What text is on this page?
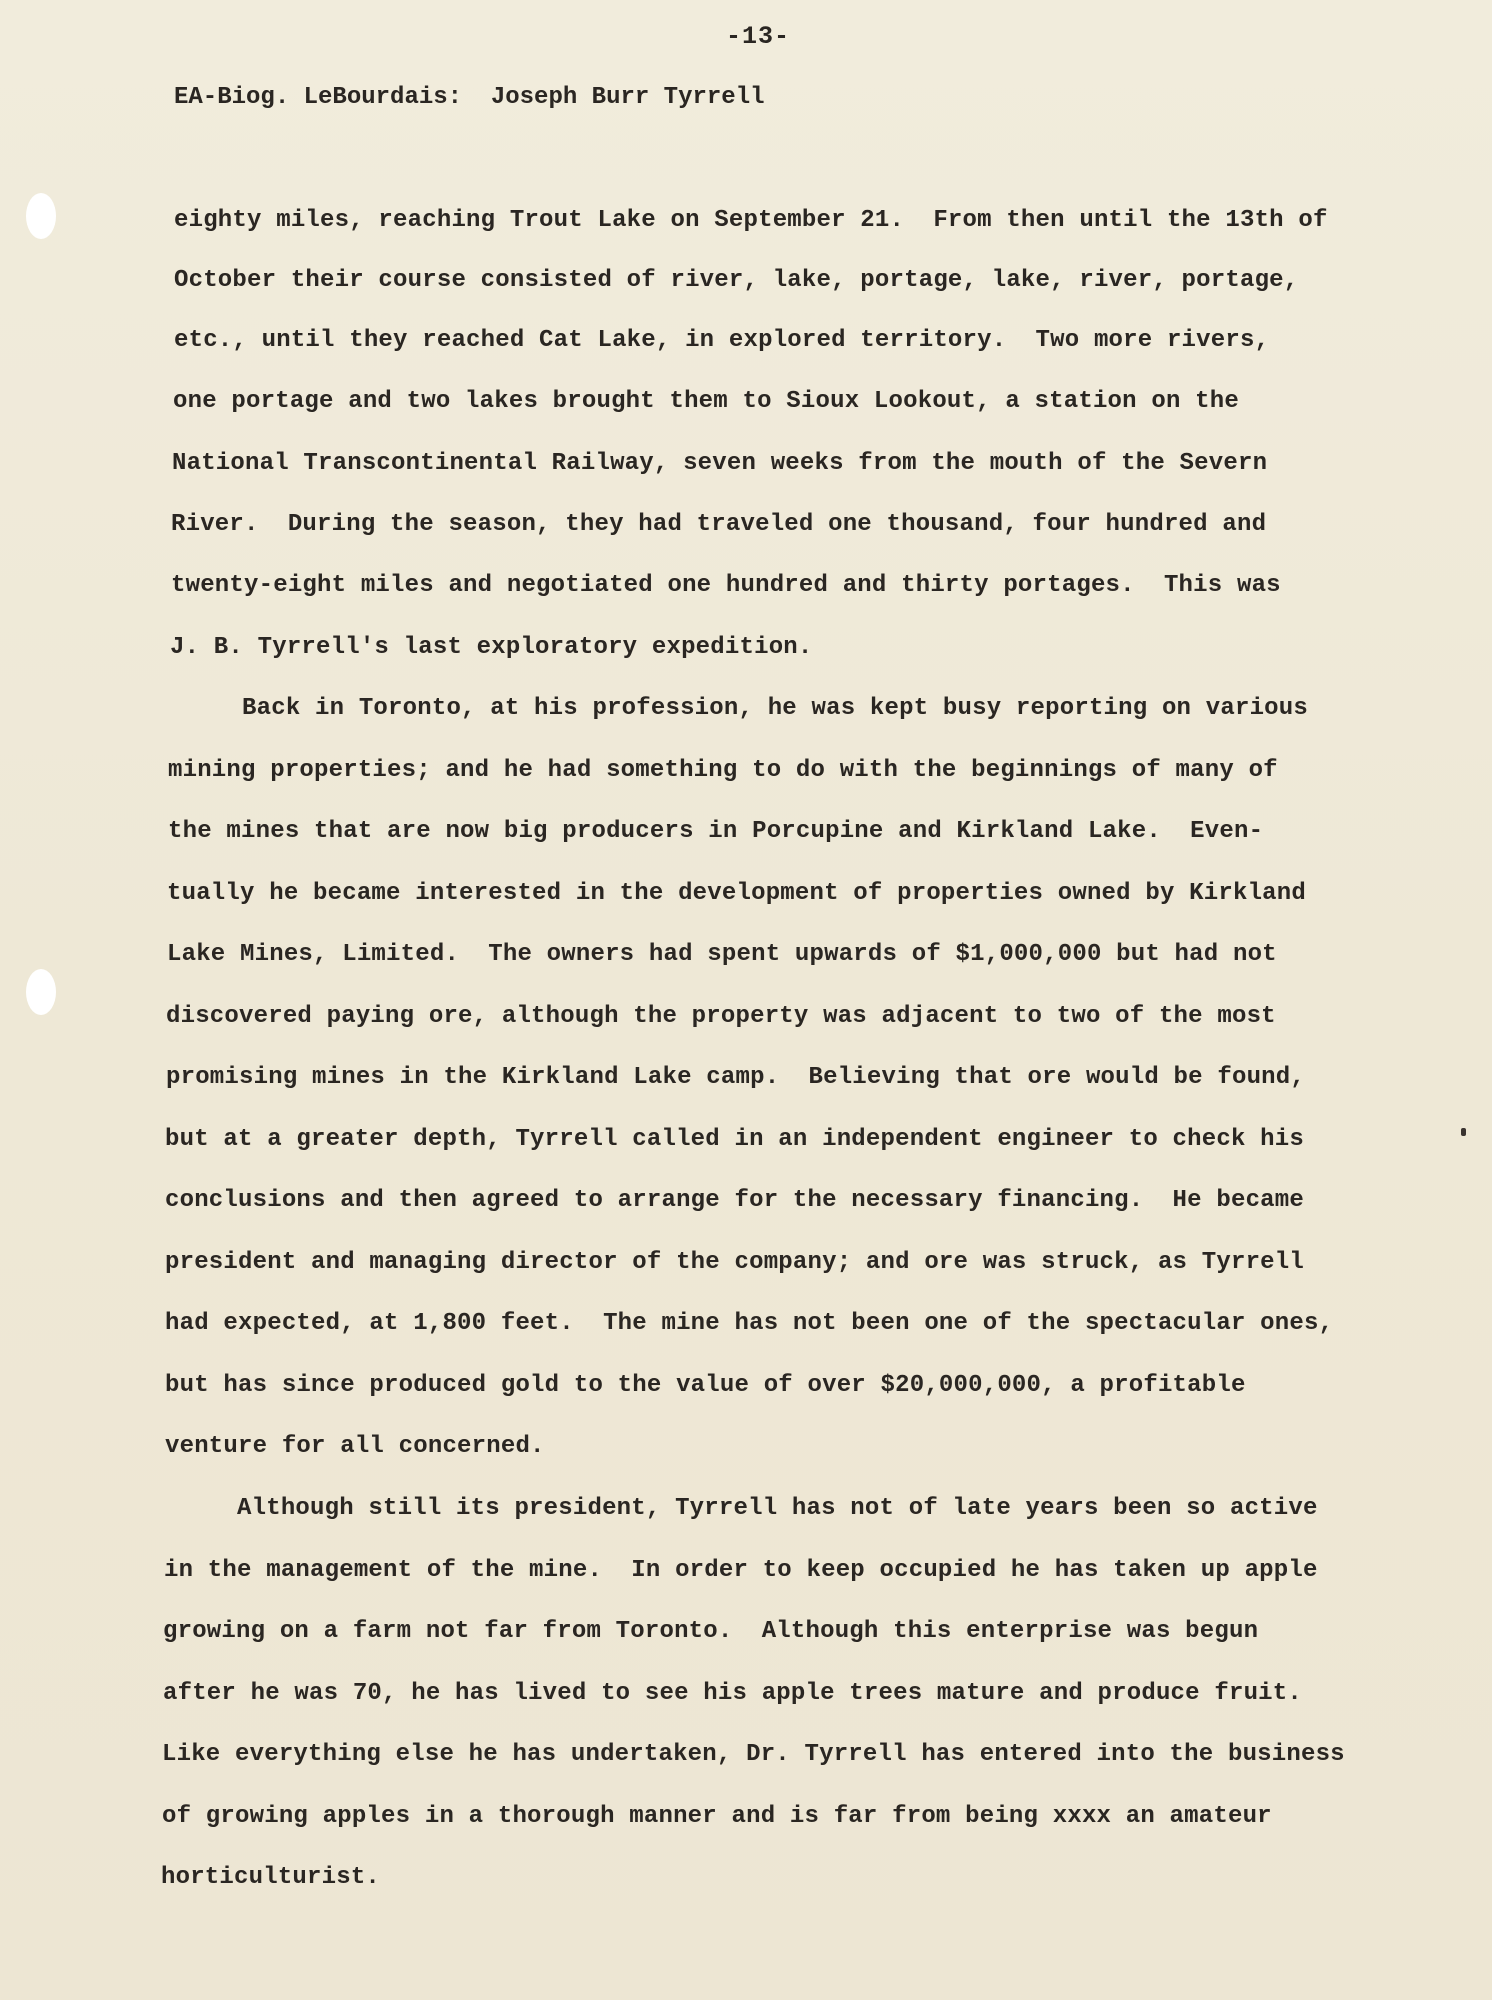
-13-
EA-Biog. LeBourdais:  Joseph Burr Tyrrell
eighty miles, reaching Trout Lake on September 21.  From then until the 13th of
October their course consisted of river, lake, portage, lake, river, portage,
etc., until they reached Cat Lake, in explored territory.  Two more rivers,
one portage and two lakes brought them to Sioux Lookout, a station on the
National Transcontinental Railway, seven weeks from the mouth of the Severn
River.  During the season, they had traveled one thousand, four hundred and
twenty-eight miles and negotiated one hundred and thirty portages.  This was
J. B. Tyrrell's last exploratory expedition.
Back in Toronto, at his profession, he was kept busy reporting on various
mining properties; and he had something to do with the beginnings of many of
the mines that are now big producers in Porcupine and Kirkland Lake.  Even-
tually he became interested in the development of properties owned by Kirkland
Lake Mines, Limited.  The owners had spent upwards of $1,000,000 but had not
discovered paying ore, although the property was adjacent to two of the most
promising mines in the Kirkland Lake camp.  Believing that ore would be found,
but at a greater depth, Tyrrell called in an independent engineer to check his
conclusions and then agreed to arrange for the necessary financing.  He became
president and managing director of the company; and ore was struck, as Tyrrell
had expected, at 1,800 feet.  The mine has not been one of the spectacular ones,
but has since produced gold to the value of over $20,000,000, a profitable
venture for all concerned.
Although still its president, Tyrrell has not of late years been so active
in the management of the mine.  In order to keep occupied he has taken up apple
growing on a farm not far from Toronto.  Although this enterprise was begun
after he was 70, he has lived to see his apple trees mature and produce fruit.
Like everything else he has undertaken, Dr. Tyrrell has entered into the business
of growing apples in a thorough manner and is far from being xxxx an amateur
horticulturist.
